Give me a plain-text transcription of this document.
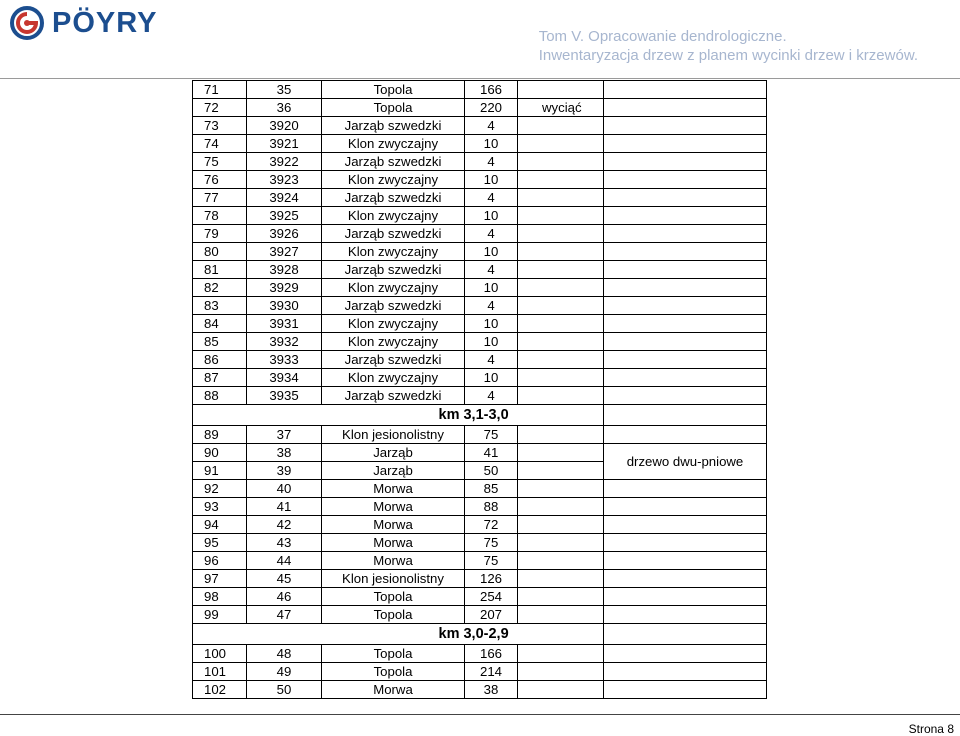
PÖYRY	Tom V. Opracowanie dendrologiczne.
Inwentaryzacja drzew z planem wycinki drzew i krzewów.
71	35	Topola	166		
72	36	Topola	220	wyciąć	
73	3920	Jarząb szwedzki	4		
74	3921	Klon zwyczajny	10		
75	3922	Jarząb szwedzki	4		
76	3923	Klon zwyczajny	10		
77	3924	Jarząb szwedzki	4		
78	3925	Klon zwyczajny	10		
79	3926	Jarząb szwedzki	4		
80	3927	Klon zwyczajny	10		
81	3928	Jarząb szwedzki	4		
82	3929	Klon zwyczajny	10		
83	3930	Jarząb szwedzki	4		
84	3931	Klon zwyczajny	10		
85	3932	Klon zwyczajny	10		
86	3933	Jarząb szwedzki	4		
87	3934	Klon zwyczajny	10		
88	3935	Jarząb szwedzki	4		
			km 3,1-3,0		
89	37	Klon jesionolistny	75		
90	38	Jarząb	41		drzewo dwu-pniowe
91	39	Jarząb	50		
92	40	Morwa	85		
93	41	Morwa	88		
94	42	Morwa	72		
95	43	Morwa	75		
96	44	Morwa	75		
97	45	Klon jesionolistny	126		
98	46	Topola	254		
99	47	Topola	207		
			km 3,0-2,9		
100	48	Topola	166		
101	49	Topola	214		
102	50	Morwa	38		
Strona 8
